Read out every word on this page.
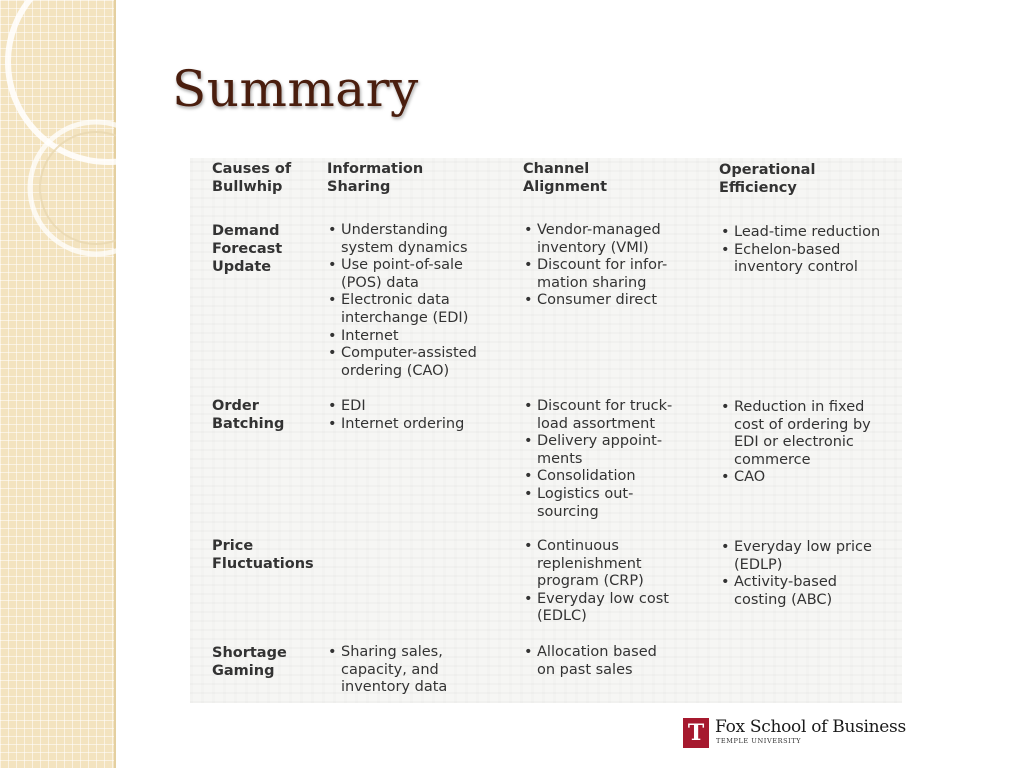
Summary
Causes of
Bullwhip
Information
Sharing
Channel
Alignment
Operational
Efficiency
Demand
Forecast
Update
• Understanding
system dynamics
• Use point-of-sale
(POS) data
• Electronic data
interchange (EDI)
• Internet
• Computer-assisted
ordering (CAO)
• Vendor-managed
inventory (VMI)
• Discount for infor-
mation sharing
• Consumer direct
• Lead-time reduction
• Echelon-based
inventory control
Order
Batching
• EDI
• Internet ordering
• Discount for truck-
load assortment
• Delivery appoint-
ments
• Consolidation
• Logistics out-
sourcing
• Reduction in fixed
cost of ordering by
EDI or electronic
commerce
• CAO
Price
Fluctuations
• Continuous
replenishment
program (CRP)
• Everyday low cost
(EDLC)
• Everyday low price
(EDLP)
• Activity-based
costing (ABC)
Shortage
Gaming
• Sharing sales,
capacity, and
inventory data
• Allocation based
on past sales
T Fox School of Business
TEMPLE UNIVERSITY
